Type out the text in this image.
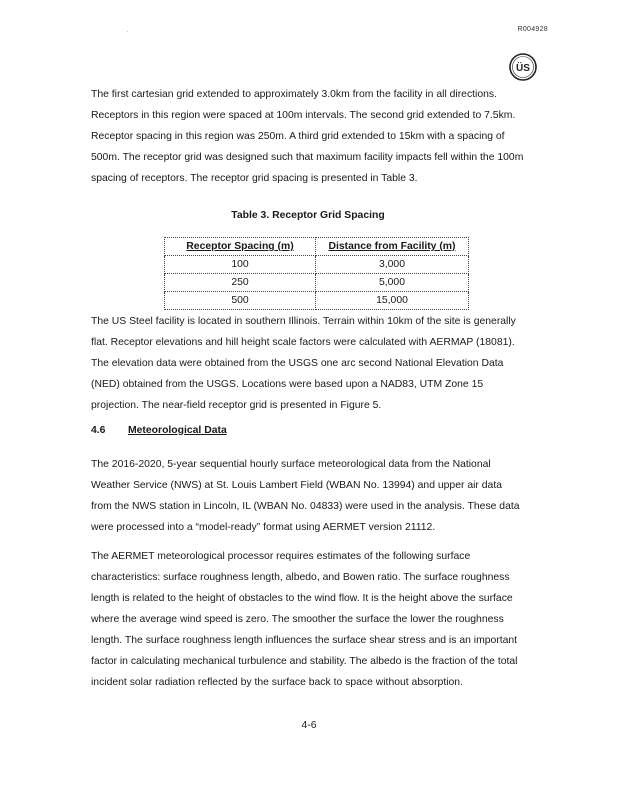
.	R004928
ÜS

The first cartesian grid extended to approximately 3.0km from the facility in all directions. Receptors in this region were spaced at 100m intervals. The second grid extended to 7.5km. Receptor spacing in this region was 250m. A third grid extended to 15km with a spacing of 500m. The receptor grid was designed such that maximum facility impacts fell within the 100m spacing of receptors. The receptor grid spacing is presented in Table 3.

Table 3. Receptor Grid Spacing
Receptor Spacing (m)	Distance from Facility (m)
100	3,000
250	5,000
500	15,000

The US Steel facility is located in southern Illinois. Terrain within 10km of the site is generally flat. Receptor elevations and hill height scale factors were calculated with AERMAP (18081). The elevation data were obtained from the USGS one arc second National Elevation Data (NED) obtained from the USGS. Locations were based upon a NAD83, UTM Zone 15 projection. The near-field receptor grid is presented in Figure 5.

4.6 Meteorological Data

The 2016-2020, 5-year sequential hourly surface meteorological data from the National Weather Service (NWS) at St. Louis Lambert Field (WBAN No. 13994) and upper air data from the NWS station in Lincoln, IL (WBAN No. 04833) were used in the analysis. These data were processed into a “model-ready” format using AERMET version 21112.

The AERMET meteorological processor requires estimates of the following surface characteristics: surface roughness length, albedo, and Bowen ratio. The surface roughness length is related to the height of obstacles to the wind flow. It is the height above the surface where the average wind speed is zero. The smoother the surface the lower the roughness length. The surface roughness length influences the surface shear stress and is an important factor in calculating mechanical turbulence and stability. The albedo is the fraction of the total incident solar radiation reflected by the surface back to space without absorption.

4-6
